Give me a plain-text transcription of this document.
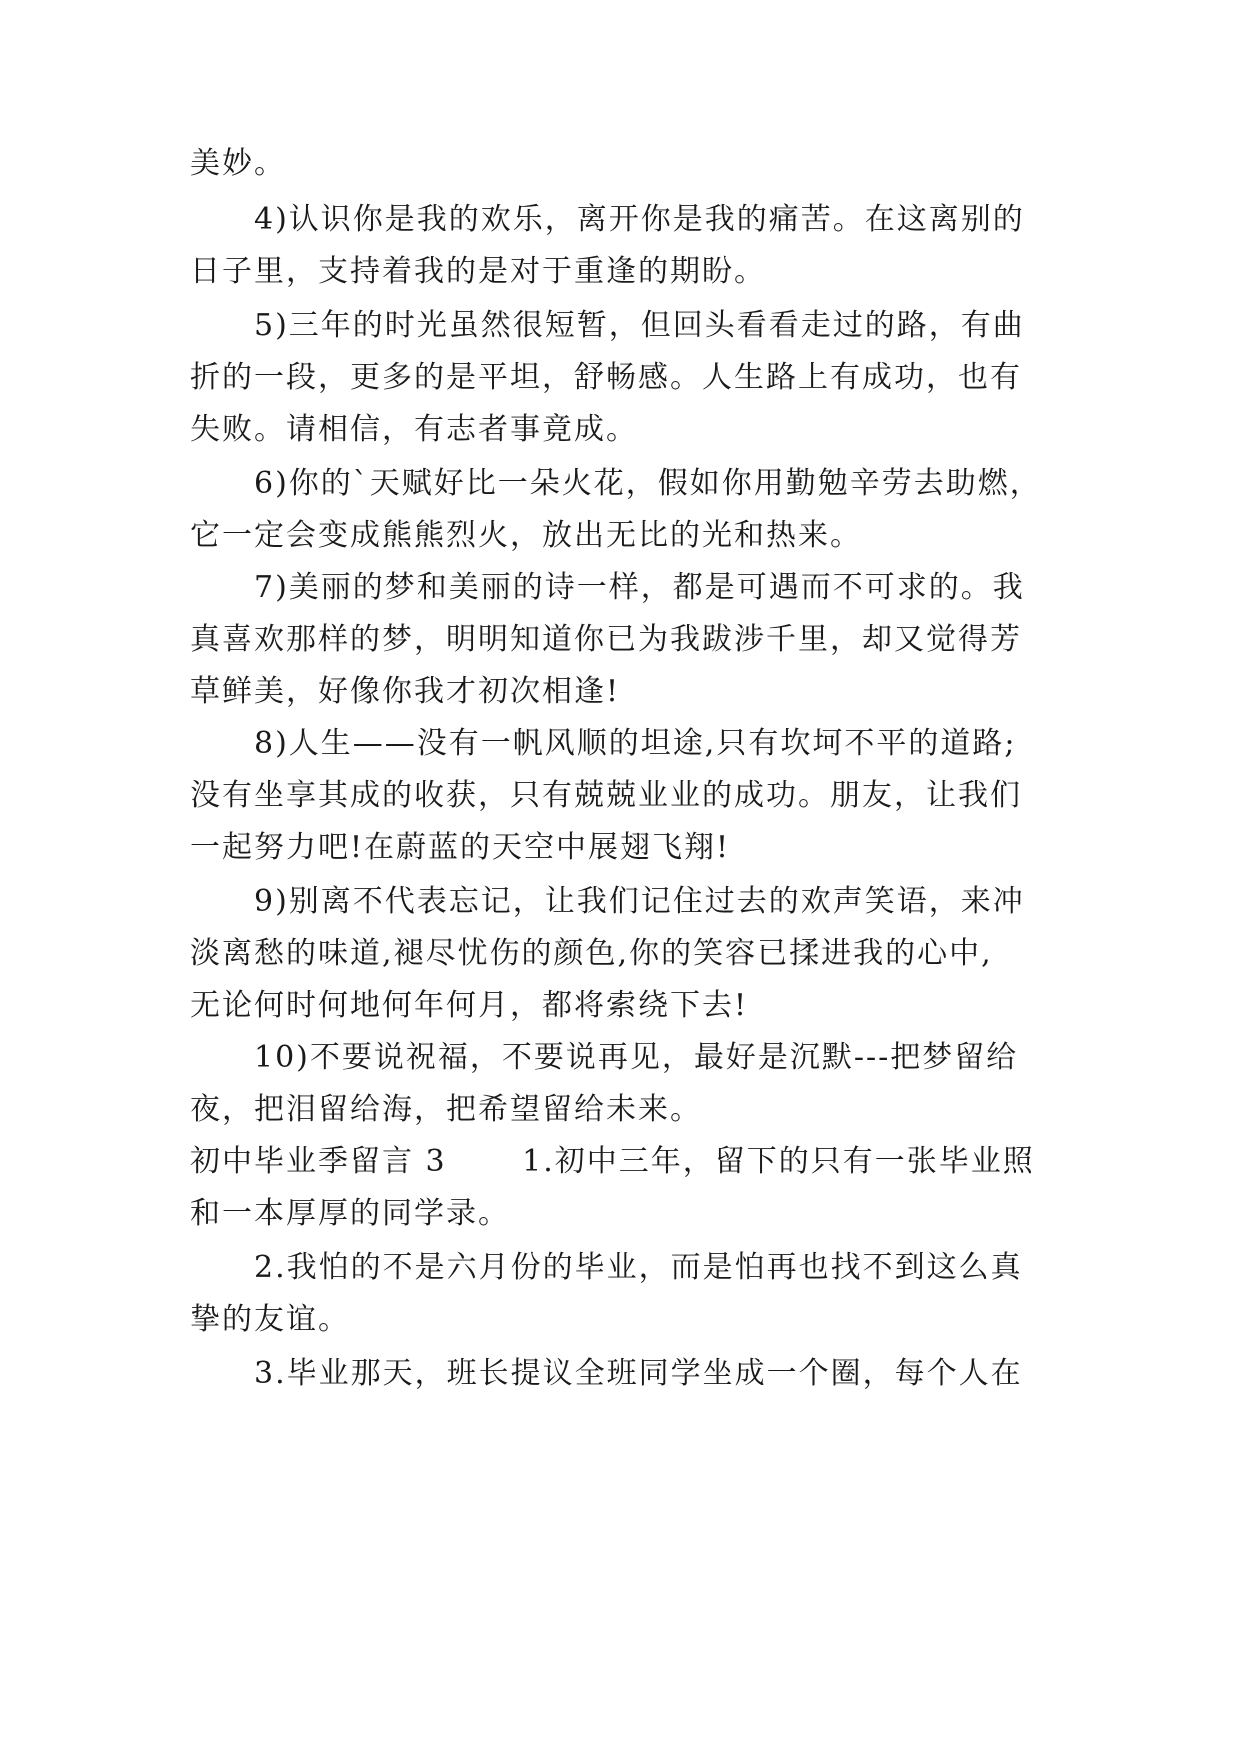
美妙。
4)认识你是我的欢乐，离开你是我的痛苦。在这离别的
日子里，支持着我的是对于重逢的期盼。
5)三年的时光虽然很短暂，但回头看看走过的路，有曲
折的一段，更多的是平坦，舒畅感。人生路上有成功，也有
失败。请相信，有志者事竟成。
6)你的`天赋好比一朵火花，假如你用勤勉辛劳去助燃，
它一定会变成熊熊烈火，放出无比的光和热来。
7)美丽的梦和美丽的诗一样，都是可遇而不可求的。我
真喜欢那样的梦，明明知道你已为我跋涉千里，却又觉得芳
草鲜美，好像你我才初次相逢!
8)人生——没有一帆风顺的坦途,只有坎坷不平的道路;
没有坐享其成的收获，只有兢兢业业的成功。朋友，让我们
一起努力吧!在蔚蓝的天空中展翅飞翔!
9)别离不代表忘记，让我们记住过去的欢声笑语，来冲
淡离愁的味道,褪尽忧伤的颜色,你的笑容已揉进我的心中,
无论何时何地何年何月，都将索绕下去!
10)不要说祝福，不要说再见，最好是沉默---把梦留给
夜，把泪留给海，把希望留给未来。
初中毕业季留言 3　　 1.初中三年，留下的只有一张毕业照
和一本厚厚的同学录。
2.我怕的不是六月份的毕业，而是怕再也找不到这么真
挚的友谊。
3.毕业那天，班长提议全班同学坐成一个圈，每个人在
